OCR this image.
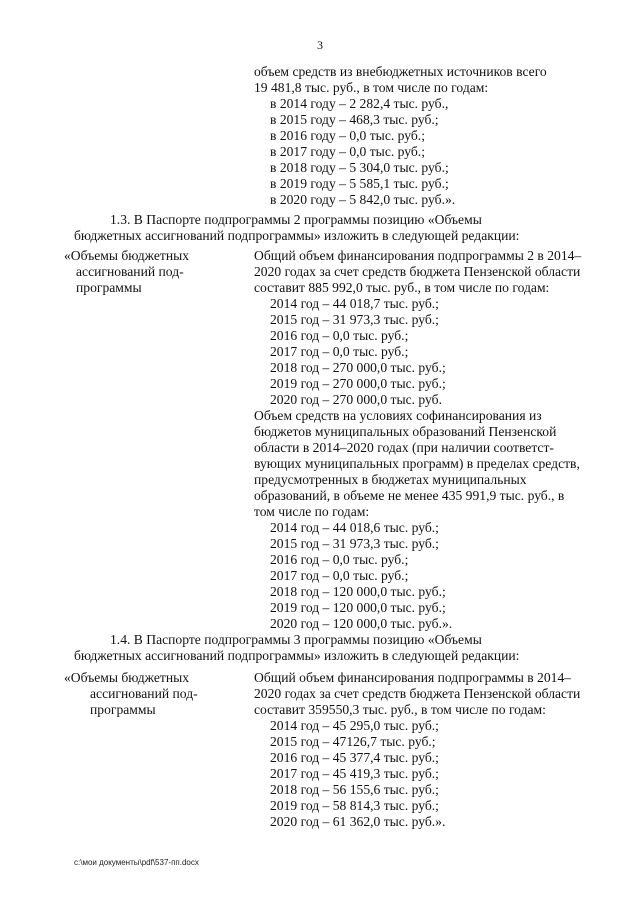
3
объем средств из внебюджетных источников всего
19 481,8 тыс. руб., в том числе по годам:
в 2014 году – 2 282,4 тыс. руб.,
в 2015 году – 468,3 тыс. руб.;
в 2016 году – 0,0 тыс. руб.;
в 2017 году – 0,0 тыс. руб.;
в 2018 году – 5 304,0 тыс. руб.;
в 2019 году – 5 585,1 тыс. руб.;
в 2020 году – 5 842,0 тыс. руб.».
1.3. В Паспорте подпрограммы 2 программы позицию «Объемы
бюджетных ассигнований подпрограммы» изложить в следующей редакции:
«Объемы бюджетных
ассигнований под-
программы
Общий объем финансирования подпрограммы 2 в 2014–
2020 годах за счет средств бюджета Пензенской области
составит 885 992,0 тыс. руб., в том числе по годам:
2014 год – 44 018,7 тыс. руб.;
2015 год – 31 973,3 тыс. руб.;
2016 год – 0,0 тыс. руб.;
2017 год – 0,0 тыс. руб.;
2018 год – 270 000,0 тыс. руб.;
2019 год – 270 000,0 тыс. руб.;
2020 год – 270 000,0 тыс. руб.
Объем средств на условиях софинансирования из
бюджетов муниципальных образований Пензенской
области в 2014–2020 годах (при наличии соответст-
вующих муниципальных программ) в пределах средств,
предусмотренных в бюджетах муниципальных
образований, в объеме не менее 435 991,9 тыс. руб., в
том числе по годам:
2014 год – 44 018,6 тыс. руб.;
2015 год – 31 973,3 тыс. руб.;
2016 год – 0,0 тыс. руб.;
2017 год – 0,0 тыс. руб.;
2018 год – 120 000,0 тыс. руб.;
2019 год – 120 000,0 тыс. руб.;
2020 год – 120 000,0 тыс. руб.».
1.4. В Паспорте подпрограммы 3 программы позицию «Объемы
бюджетных ассигнований подпрограммы» изложить в следующей редакции:
«Объемы бюджетных
ассигнований под-
программы
Общий объем финансирования подпрограммы в 2014–
2020 годах за счет средств бюджета Пензенской области
составит 359550,3 тыс. руб., в том числе по годам:
2014 год – 45 295,0 тыс. руб.;
2015 год – 47126,7 тыс. руб.;
2016 год – 45 377,4 тыс. руб.;
2017 год – 45 419,3 тыс. руб.;
2018 год – 56 155,6 тыс. руб.;
2019 год – 58 814,3 тыс. руб.;
2020 год – 61 362,0 тыс. руб.».
c:\мои документы\pdf\537-пп.docx
